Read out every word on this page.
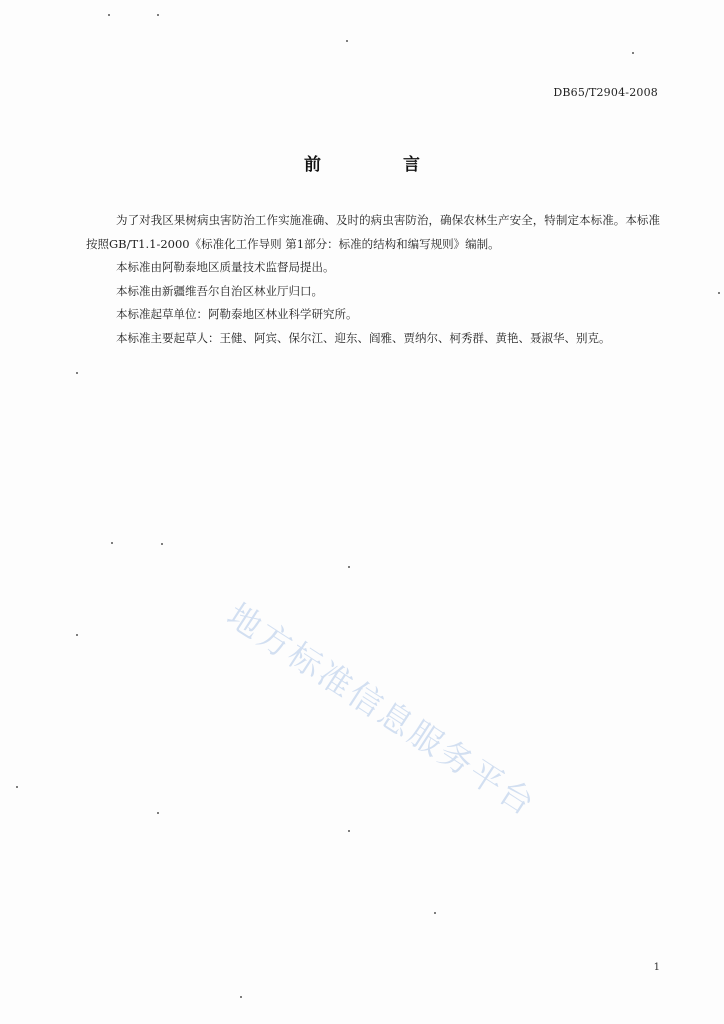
DB65/T2904-2008
前 言

为了对我区果树病虫害防治工作实施准确、及时的病虫害防治，确保农林生产安全，特制定本标准。本标准按照GB/T1.1-2000《标准化工作导则 第1部分：标准的结构和编写规则》编制。

本标准由阿勒泰地区质量技术监督局提出。

本标准由新疆维吾尔自治区林业厅归口。

本标准起草单位：阿勒泰地区林业科学研究所。

本标准主要起草人：王健、阿宾、保尔江、迎东、阎雅、贾纳尔、柯秀群、黄艳、聂淑华、别克。

地方标准信息服务平台
1
